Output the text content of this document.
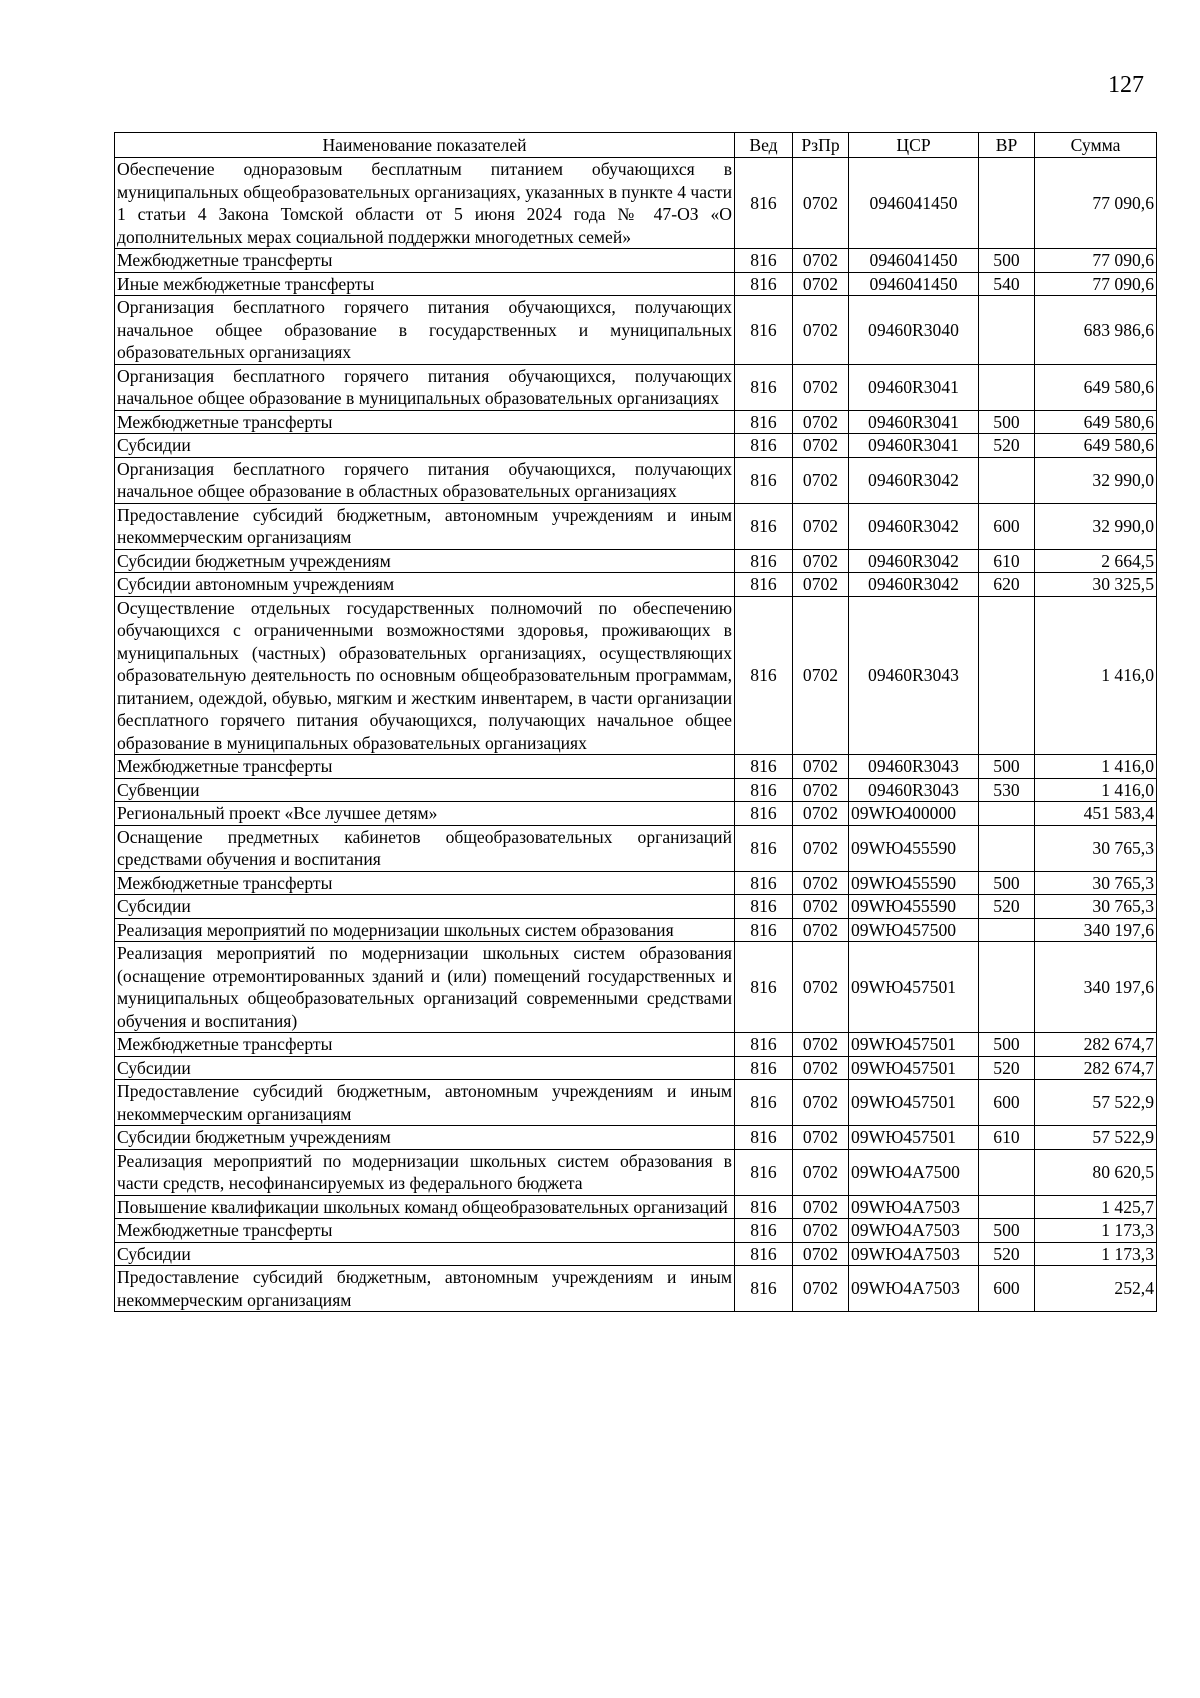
127
Наименование показателей	Вед	РзПр	ЦСР	ВР	Сумма
Обеспечение одноразовым бесплатным питанием обучающихся в муниципальных общеобразовательных организациях, указанных в пункте 4 части 1 статьи 4 Закона Томской области от 5 июня 2024 года № 47-ОЗ «О дополнительных мерах социальной поддержки многодетных семей»	816	0702	0946041450		77 090,6
Межбюджетные трансферты	816	0702	0946041450	500	77 090,6
Иные межбюджетные трансферты	816	0702	0946041450	540	77 090,6
Организация бесплатного горячего питания обучающихся, получающих начальное общее образование в государственных и муниципальных образовательных организациях	816	0702	09460R3040		683 986,6
Организация бесплатного горячего питания обучающихся, получающих начальное общее образование в муниципальных образовательных организациях	816	0702	09460R3041		649 580,6
Межбюджетные трансферты	816	0702	09460R3041	500	649 580,6
Субсидии	816	0702	09460R3041	520	649 580,6
Организация бесплатного горячего питания обучающихся, получающих начальное общее образование в областных образовательных организациях	816	0702	09460R3042		32 990,0
Предоставление субсидий бюджетным, автономным учреждениям и иным некоммерческим организациям	816	0702	09460R3042	600	32 990,0
Субсидии бюджетным учреждениям	816	0702	09460R3042	610	2 664,5
Субсидии автономным учреждениям	816	0702	09460R3042	620	30 325,5
Осуществление отдельных государственных полномочий по обеспечению обучающихся с ограниченными возможностями здоровья, проживающих в муниципальных (частных) образовательных организациях, осуществляющих образовательную деятельность по основным общеобразовательным программам, питанием, одеждой, обувью, мягким и жестким инвентарем, в части организации бесплатного горячего питания обучающихся, получающих начальное общее образование в муниципальных образовательных организациях	816	0702	09460R3043		1 416,0
Межбюджетные трансферты	816	0702	09460R3043	500	1 416,0
Субвенции	816	0702	09460R3043	530	1 416,0
Региональный проект «Все лучшее детям»	816	0702	09WЮ400000		451 583,4
Оснащение предметных кабинетов общеобразовательных организаций средствами обучения и воспитания	816	0702	09WЮ455590		30 765,3
Межбюджетные трансферты	816	0702	09WЮ455590	500	30 765,3
Субсидии	816	0702	09WЮ455590	520	30 765,3
Реализация мероприятий по модернизации школьных систем образования	816	0702	09WЮ457500		340 197,6
Реализация мероприятий по модернизации школьных систем образования (оснащение отремонтированных зданий и (или) помещений государственных и муниципальных общеобразовательных организаций современными средствами обучения и воспитания)	816	0702	09WЮ457501		340 197,6
Межбюджетные трансферты	816	0702	09WЮ457501	500	282 674,7
Субсидии	816	0702	09WЮ457501	520	282 674,7
Предоставление субсидий бюджетным, автономным учреждениям и иным некоммерческим организациям	816	0702	09WЮ457501	600	57 522,9
Субсидии бюджетным учреждениям	816	0702	09WЮ457501	610	57 522,9
Реализация мероприятий по модернизации школьных систем образования в части средств, несофинансируемых из федерального бюджета	816	0702	09WЮ4А7500		80 620,5
Повышение квалификации школьных команд общеобразовательных организаций	816	0702	09WЮ4А7503		1 425,7
Межбюджетные трансферты	816	0702	09WЮ4А7503	500	1 173,3
Субсидии	816	0702	09WЮ4А7503	520	1 173,3
Предоставление субсидий бюджетным, автономным учреждениям и иным некоммерческим организациям	816	0702	09WЮ4А7503	600	252,4
